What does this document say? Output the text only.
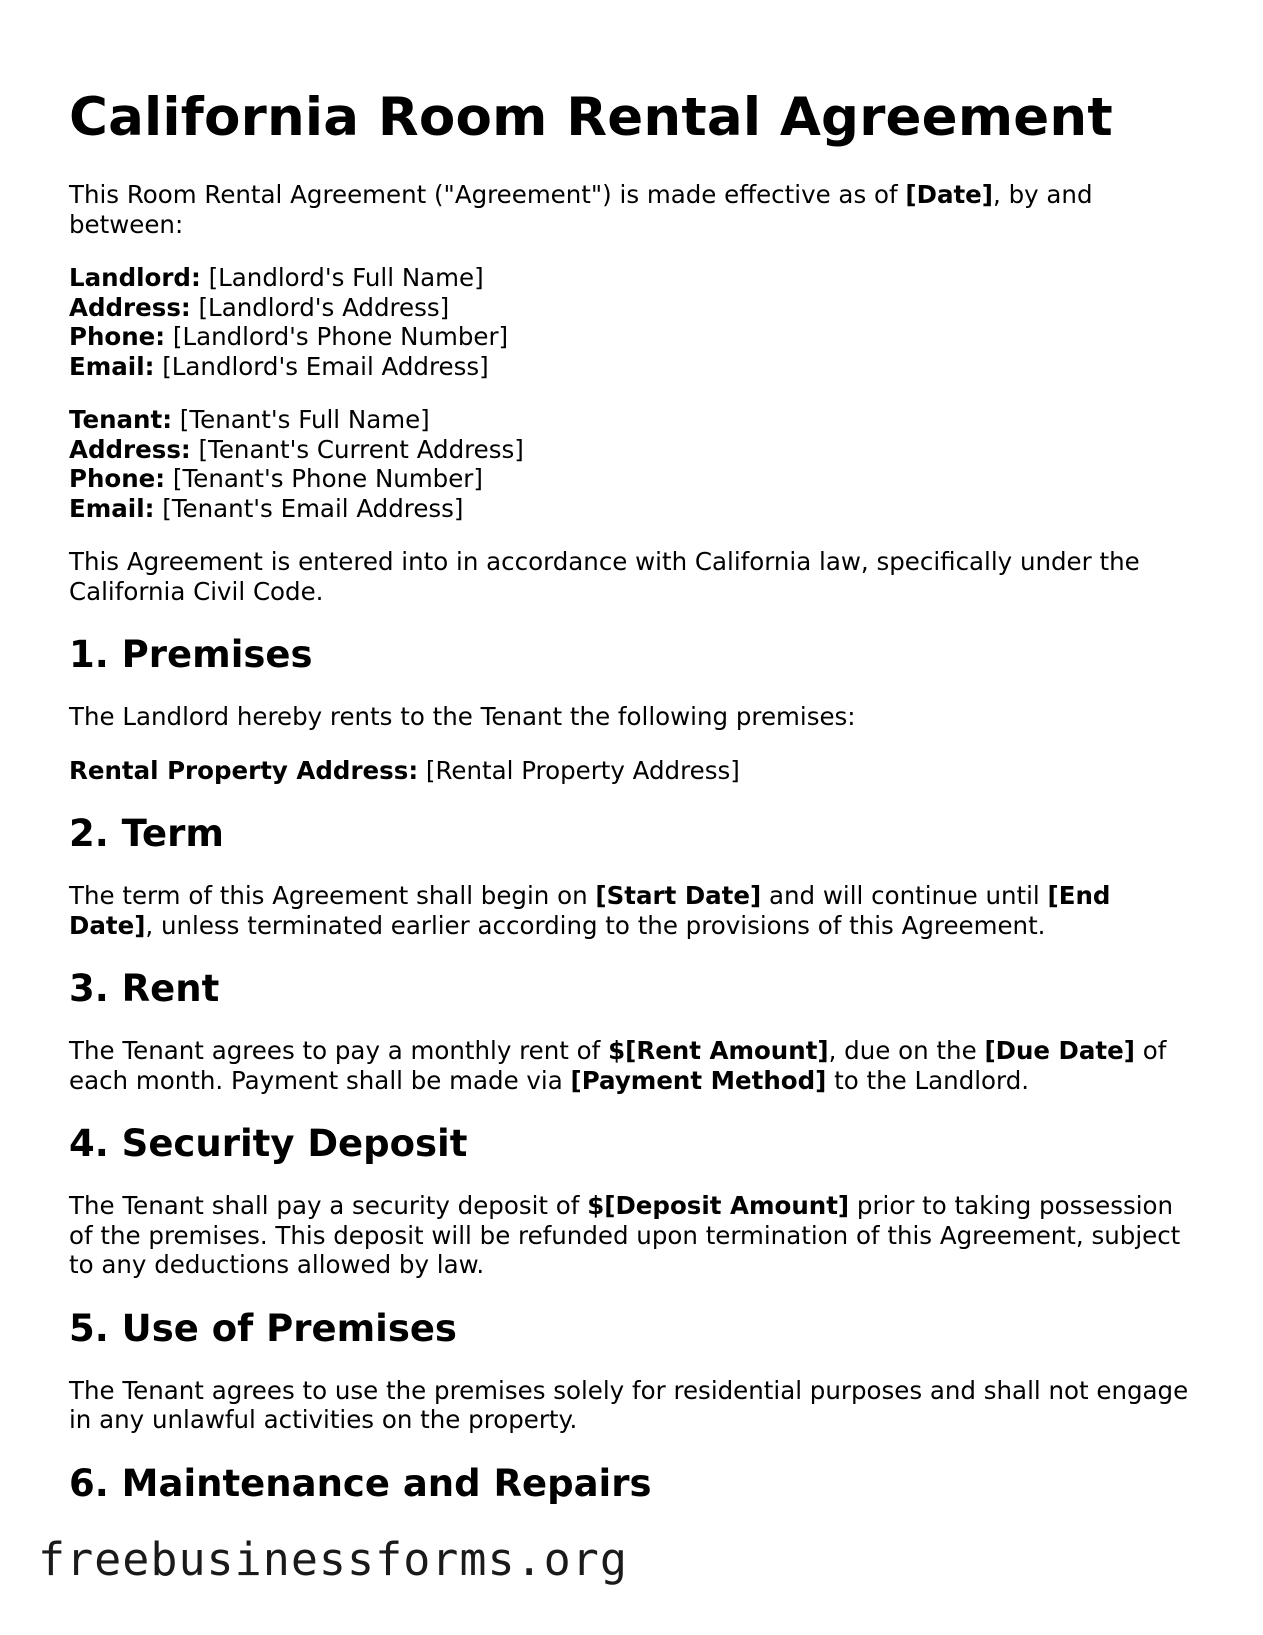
California Room Rental Agreement

This Room Rental Agreement ("Agreement") is made effective as of [Date], by and between:

Landlord: [Landlord's Full Name]

Address: [Landlord's Address]

Phone: [Landlord's Phone Number]

Email: [Landlord's Email Address]

Tenant: [Tenant's Full Name]

Address: [Tenant's Current Address]

Phone: [Tenant's Phone Number]

Email: [Tenant's Email Address]

This Agreement is entered into in accordance with California law, specifically under the California Civil Code.

1. Premises

The Landlord hereby rents to the Tenant the following premises:

Rental Property Address: [Rental Property Address]

2. Term

The term of this Agreement shall begin on [Start Date] and will continue until [End Date], unless terminated earlier according to the provisions of this Agreement.

3. Rent

The Tenant agrees to pay a monthly rent of $[Rent Amount], due on the [Due Date] of each month. Payment shall be made via [Payment Method] to the Landlord.

4. Security Deposit

The Tenant shall pay a security deposit of $[Deposit Amount] prior to taking possession of the premises. This deposit will be refunded upon termination of this Agreement, subject to any deductions allowed by law.

5. Use of Premises

The Tenant agrees to use the premises solely for residential purposes and shall not engage in any unlawful activities on the property.

6. Maintenance and Repairs
freebusinessforms.org
